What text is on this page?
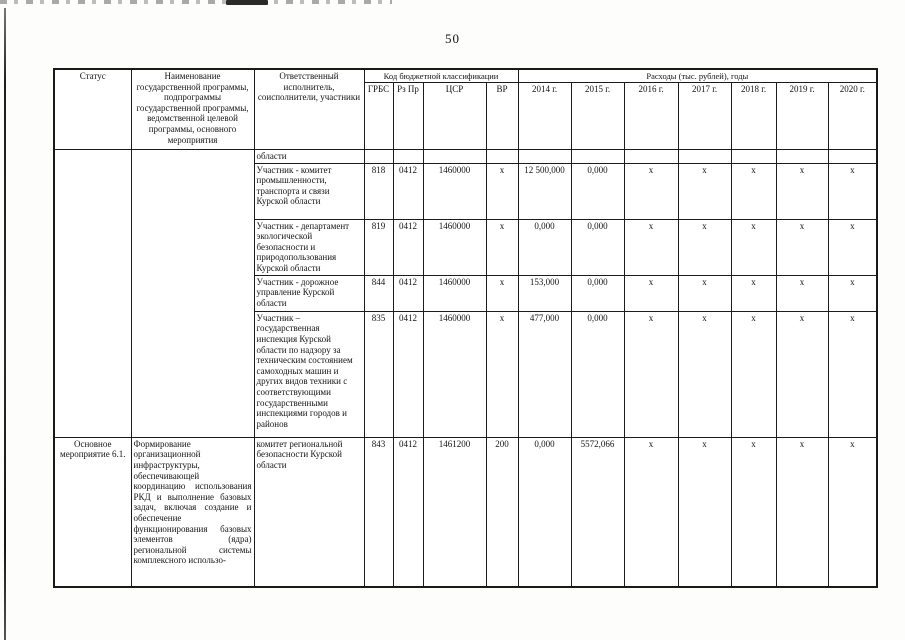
50
Статус	Наименование государственной программы, подпрограммы государственной программы, ведомственной целевой программы, основного мероприятия	Ответственный исполнитель, соисполнители, участники	Код бюджетной классификации				Расходы (тыс. рублей), годы						
			ГРБС	Рз Пр	ЦСР	ВР	2014 г.	2015 г.	2016 г.	2017 г.	2018 г.	2019 г.	2020 г.
		области											
		Участник - комитет промышленности, транспорта и связи Курской области	818	0412	1460000	x	12 500,000	0,000	x	x	x	x	x
		Участник - департамент экологической безопасности и природопользования Курской области	819	0412	1460000	x	0,000	0,000	x	x	x	x	x
		Участник - дорожное управление Курской области	844	0412	1460000	x	153,000	0,000	x	x	x	x	x
		Участник – государственная инспекция Курской области по надзору за техническим состоянием самоходных машин и других видов техники с соответствующими государственными инспекциями городов и районов	835	0412	1460000	x	477,000	0,000	x	x	x	x	x
Основное мероприятие 6.1.	Формирование организационной инфраструктуры, обеспечивающей координацию использования РКД и выполнение базовых задач, включая создание и обеспечение функционирования базовых элементов (ядра) региональной системы комплексного использо-	комитет региональной безопасности Курской области	843	0412	1461200	200	0,000	5572,066	x	x	x	x	x
